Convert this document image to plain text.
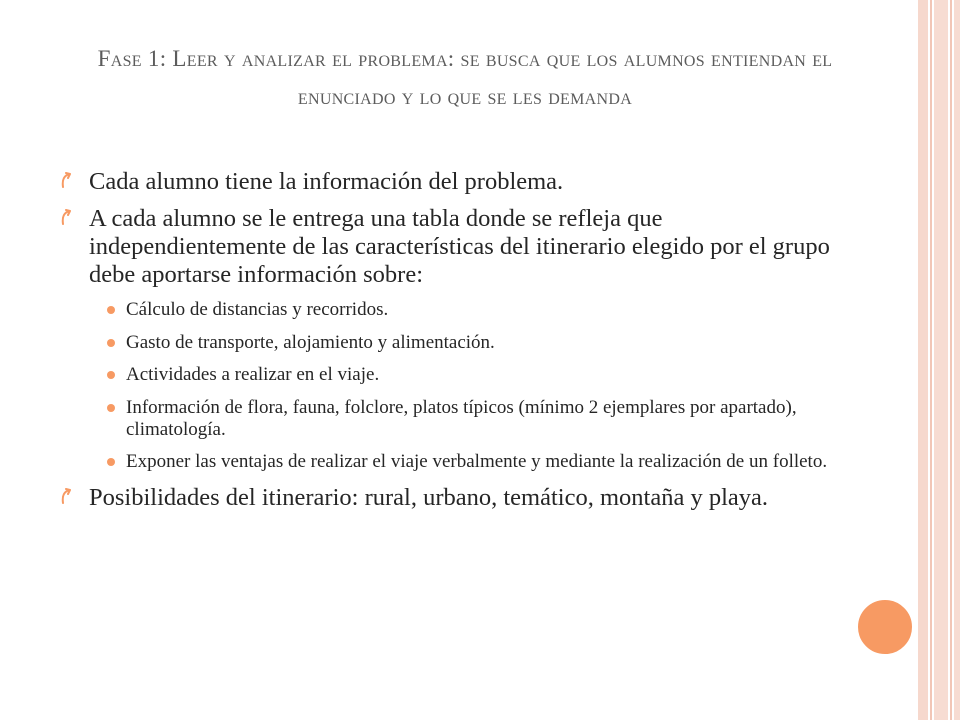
Fase 1: Leer y analizar el problema: se busca que los alumnos entiendan el enunciado y lo que se les demanda
Cada alumno tiene la información del problema.
A cada alumno se le entrega una tabla donde se refleja que independientemente de las características del itinerario elegido por el grupo debe aportarse información sobre:
Cálculo de distancias y recorridos.
Gasto de transporte, alojamiento y alimentación.
Actividades a realizar en el viaje.
Información de flora, fauna, folclore, platos típicos (mínimo 2 ejemplares por apartado), climatología.
Exponer las ventajas de realizar el viaje verbalmente y mediante la realización de un folleto.
Posibilidades del itinerario: rural, urbano, temático, montaña y playa.
